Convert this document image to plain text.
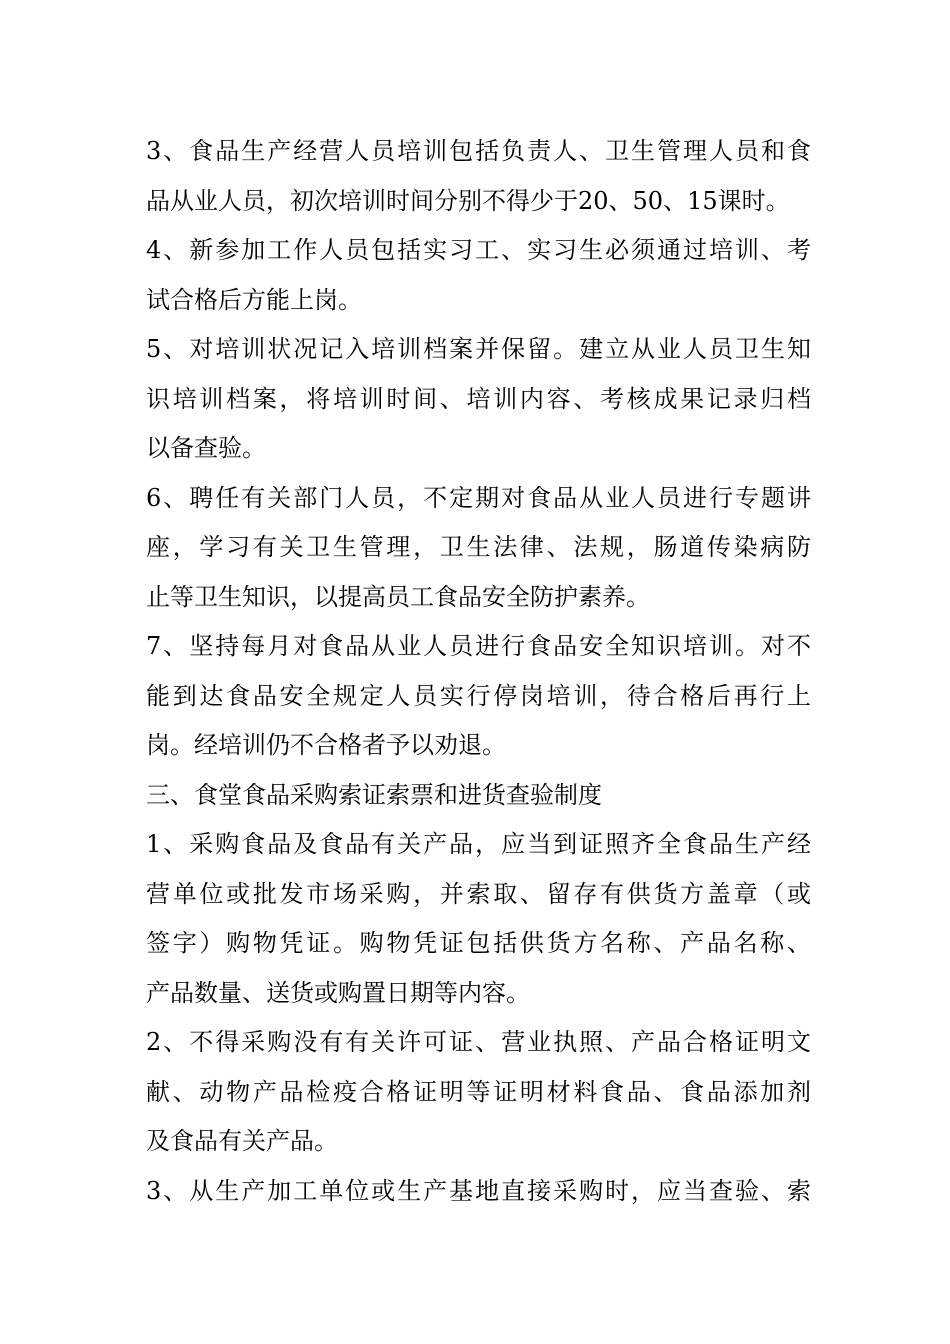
3、食品生产经营人员培训包括负责人、卫生管理人员和食
品从业人员，初次培训时间分别不得少于20、50、15课时。

4、新参加工作人员包括实习工、实习生必须通过培训、考
试合格后方能上岗。

5、对培训状况记入培训档案并保留。建立从业人员卫生知
识培训档案，将培训时间、培训内容、考核成果记录归档
以备查验。

6、聘任有关部门人员，不定期对食品从业人员进行专题讲
座，学习有关卫生管理，卫生法律、法规，肠道传染病防
止等卫生知识，以提高员工食品安全防护素养。

7、坚持每月对食品从业人员进行食品安全知识培训。对不
能到达食品安全规定人员实行停岗培训，待合格后再行上
岗。经培训仍不合格者予以劝退。

三、食堂食品采购索证索票和进货查验制度

1、采购食品及食品有关产品，应当到证照齐全食品生产经
营单位或批发市场采购，并索取、留存有供货方盖章（或
签字）购物凭证。购物凭证包括供货方名称、产品名称、
产品数量、送货或购置日期等内容。

2、不得采购没有有关许可证、营业执照、产品合格证明文
献、动物产品检疫合格证明等证明材料食品、食品添加剂
及食品有关产品。

3、从生产加工单位或生产基地直接采购时，应当查验、索
